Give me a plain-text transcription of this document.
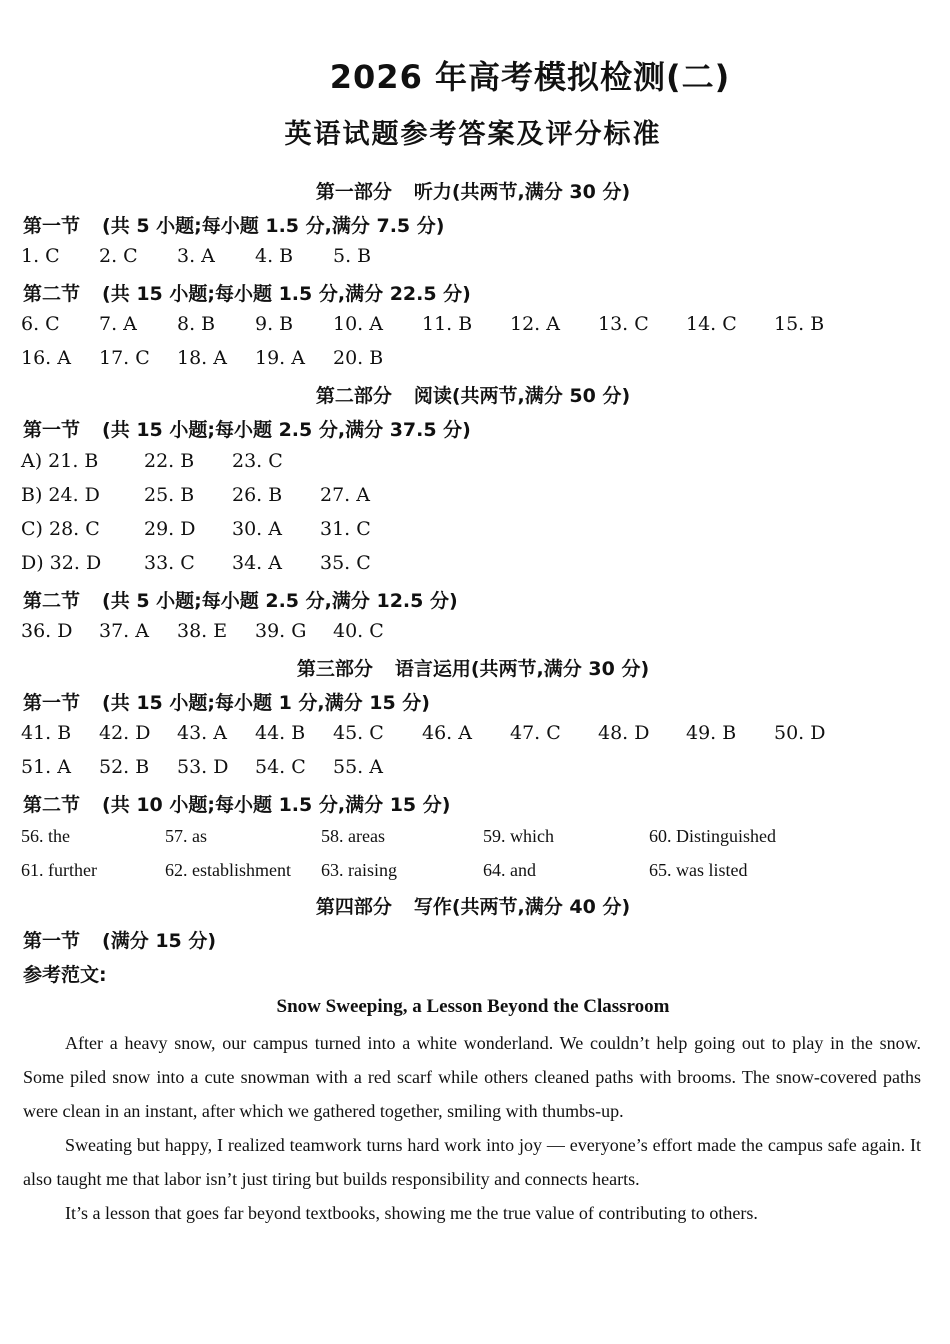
2026 年高考模拟检测(二)
英语试题参考答案及评分标准
第一部分 听力(共两节,满分 30 分)
第一节 (共 5 小题;每小题 1.5 分,满分 7.5 分)
1. C 2. C 3. A 4. B 5. B
第二节 (共 15 小题;每小题 1.5 分,满分 22.5 分)
6. C 7. A 8. B 9. B 10. A 11. B 12. A 13. C 14. C 15. B
16. A 17. C 18. A 19. A 20. B
第二部分 阅读(共两节,满分 50 分)
第一节 (共 15 小题;每小题 2.5 分,满分 37.5 分)
A) 21. B 22. B 23. C
B) 24. D 25. B 26. B 27. A
C) 28. C 29. D 30. A 31. C
D) 32. D 33. C 34. A 35. C
第二节 (共 5 小题;每小题 2.5 分,满分 12.5 分)
36. D 37. A 38. E 39. G 40. C
第三部分 语言运用(共两节,满分 30 分)
第一节 (共 15 小题;每小题 1 分,满分 15 分)
41. B 42. D 43. A 44. B 45. C 46. A 47. C 48. D 49. B 50. D
51. A 52. B 53. D 54. C 55. A
第二节 (共 10 小题;每小题 1.5 分,满分 15 分)
56. the	57. as	58. areas	59. which	60. Distinguished
61. further	62. establishment 63. raising	64. and	65. was listed
第四部分 写作(共两节,满分 40 分)
第一节 (满分 15 分)
参考范文:
Snow Sweeping, a Lesson Beyond the Classroom

After a heavy snow, our campus turned into a white wonderland. We couldn’t help going out to play in the snow. Some piled snow into a cute snowman with a red scarf while others cleaned paths with brooms. The snow-covered paths were clean in an instant, after which we gathered together, smiling with thumbs-up.

Sweating but happy, I realized teamwork turns hard work into joy — everyone’s effort made the campus safe again. It also taught me that labor isn’t just tiring but builds responsibility and connects hearts.

It’s a lesson that goes far beyond textbooks, showing me the true value of contributing to others.
